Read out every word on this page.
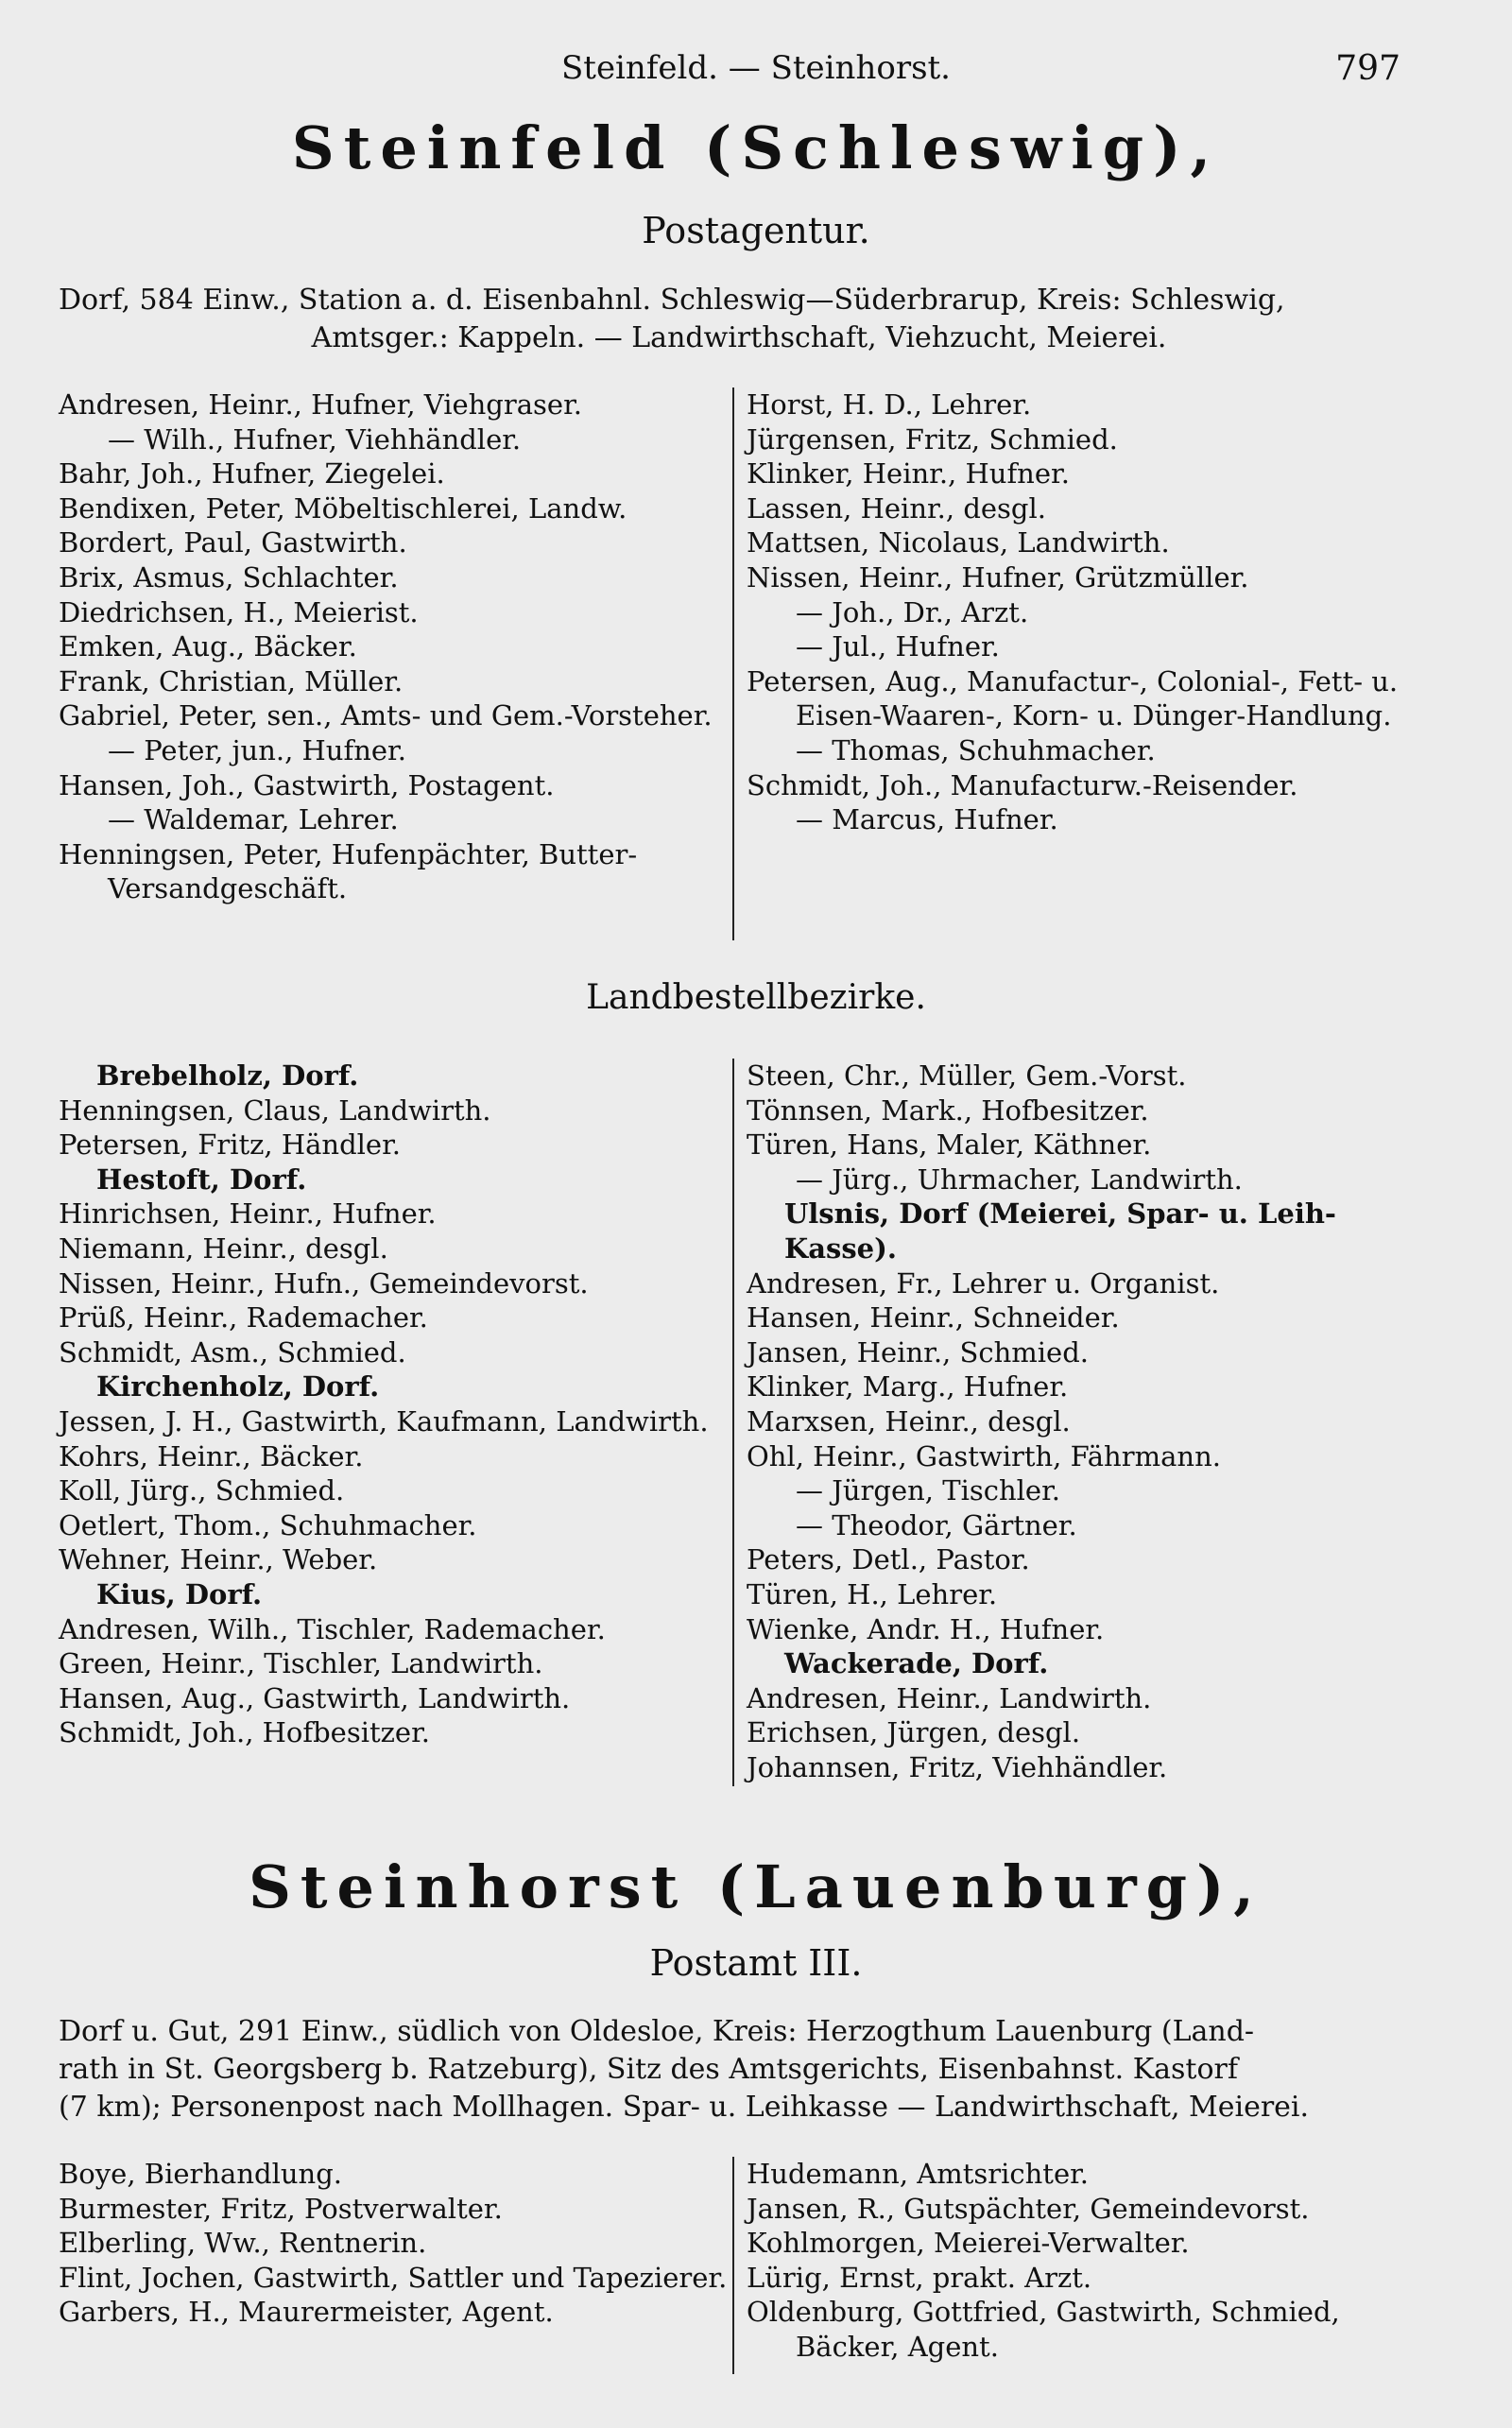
Steinfeld. — Steinhorst.	797
Steinfeld (Schleswig),
Postagentur.
Dorf, 584 Einw., Station a. d. Eisenbahnl. Schleswig—Süderbrarup, Kreis: Schleswig,
Amtsger.: Kappeln. — Landwirthschaft, Viehzucht, Meierei.
Andresen, Heinr., Hufner, Viehgraser.
— Wilh., Hufner, Viehhändler.
Bahr, Joh., Hufner, Ziegelei.
Bendixen, Peter, Möbeltischlerei, Landw.
Bordert, Paul, Gastwirth.
Brix, Asmus, Schlachter.
Diedrichsen, H., Meierist.
Emken, Aug., Bäcker.
Frank, Christian, Müller.
Gabriel, Peter, sen., Amts- und Gem.-Vorsteher.
— Peter, jun., Hufner.
Hansen, Joh., Gastwirth, Postagent.
— Waldemar, Lehrer.
Henningsen, Peter, Hufenpächter, Butter-Versandgeschäft.
Horst, H. D., Lehrer.
Jürgensen, Fritz, Schmied.
Klinker, Heinr., Hufner.
Lassen, Heinr., desgl.
Mattsen, Nicolaus, Landwirth.
Nissen, Heinr., Hufner, Grützmüller.
— Joh., Dr., Arzt.
— Jul., Hufner.
Petersen, Aug., Manufactur-, Colonial-, Fett- u. Eisen-Waaren-, Korn- u. Dünger-Handlung.
— Thomas, Schuhmacher.
Schmidt, Joh., Manufacturw.-Reisender.
— Marcus, Hufner.
Landbestellbezirke.
Brebelholz, Dorf.
Henningsen, Claus, Landwirth.
Petersen, Fritz, Händler.
Hestoft, Dorf.
Hinrichsen, Heinr., Hufner.
Niemann, Heinr., desgl.
Nissen, Heinr., Hufn., Gemeindevorst.
Prüß, Heinr., Rademacher.
Schmidt, Asm., Schmied.
Kirchenholz, Dorf.
Jessen, J. H., Gastwirth, Kaufmann, Landwirth.
Kohrs, Heinr., Bäcker.
Koll, Jürg., Schmied.
Oetlert, Thom., Schuhmacher.
Wehner, Heinr., Weber.
Kius, Dorf.
Andresen, Wilh., Tischler, Rademacher.
Green, Heinr., Tischler, Landwirth.
Hansen, Aug., Gastwirth, Landwirth.
Schmidt, Joh., Hofbesitzer.
Steen, Chr., Müller, Gem.-Vorst.
Tönnsen, Mark., Hofbesitzer.
Türen, Hans, Maler, Käthner.
— Jürg., Uhrmacher, Landwirth.
Ulsnis, Dorf (Meierei, Spar- u. Leih-Kasse).
Andresen, Fr., Lehrer u. Organist.
Hansen, Heinr., Schneider.
Jansen, Heinr., Schmied.
Klinker, Marg., Hufner.
Marxsen, Heinr., desgl.
Ohl, Heinr., Gastwirth, Fährmann.
— Jürgen, Tischler.
— Theodor, Gärtner.
Peters, Detl., Pastor.
Türen, H., Lehrer.
Wienke, Andr. H., Hufner.
Wackerade, Dorf.
Andresen, Heinr., Landwirth.
Erichsen, Jürgen, desgl.
Johannsen, Fritz, Viehhändler.
Steinhorst (Lauenburg),
Postamt III.
Dorf u. Gut, 291 Einw., südlich von Oldesloe, Kreis: Herzogthum Lauenburg (Land-
rath in St. Georgsberg b. Ratzeburg), Sitz des Amtsgerichts, Eisenbahnst. Kastorf
(7 km); Personenpost nach Mollhagen. Spar- u. Leihkasse — Landwirthschaft, Meierei.
Boye, Bierhandlung.
Burmester, Fritz, Postverwalter.
Elberling, Ww., Rentnerin.
Flint, Jochen, Gastwirth, Sattler und Tapezierer.
Garbers, H., Maurermeister, Agent.
Hudemann, Amtsrichter.
Jansen, R., Gutspächter, Gemeindevorst.
Kohlmorgen, Meierei-Verwalter.
Lürig, Ernst, prakt. Arzt.
Oldenburg, Gottfried, Gastwirth, Schmied, Bäcker, Agent.
